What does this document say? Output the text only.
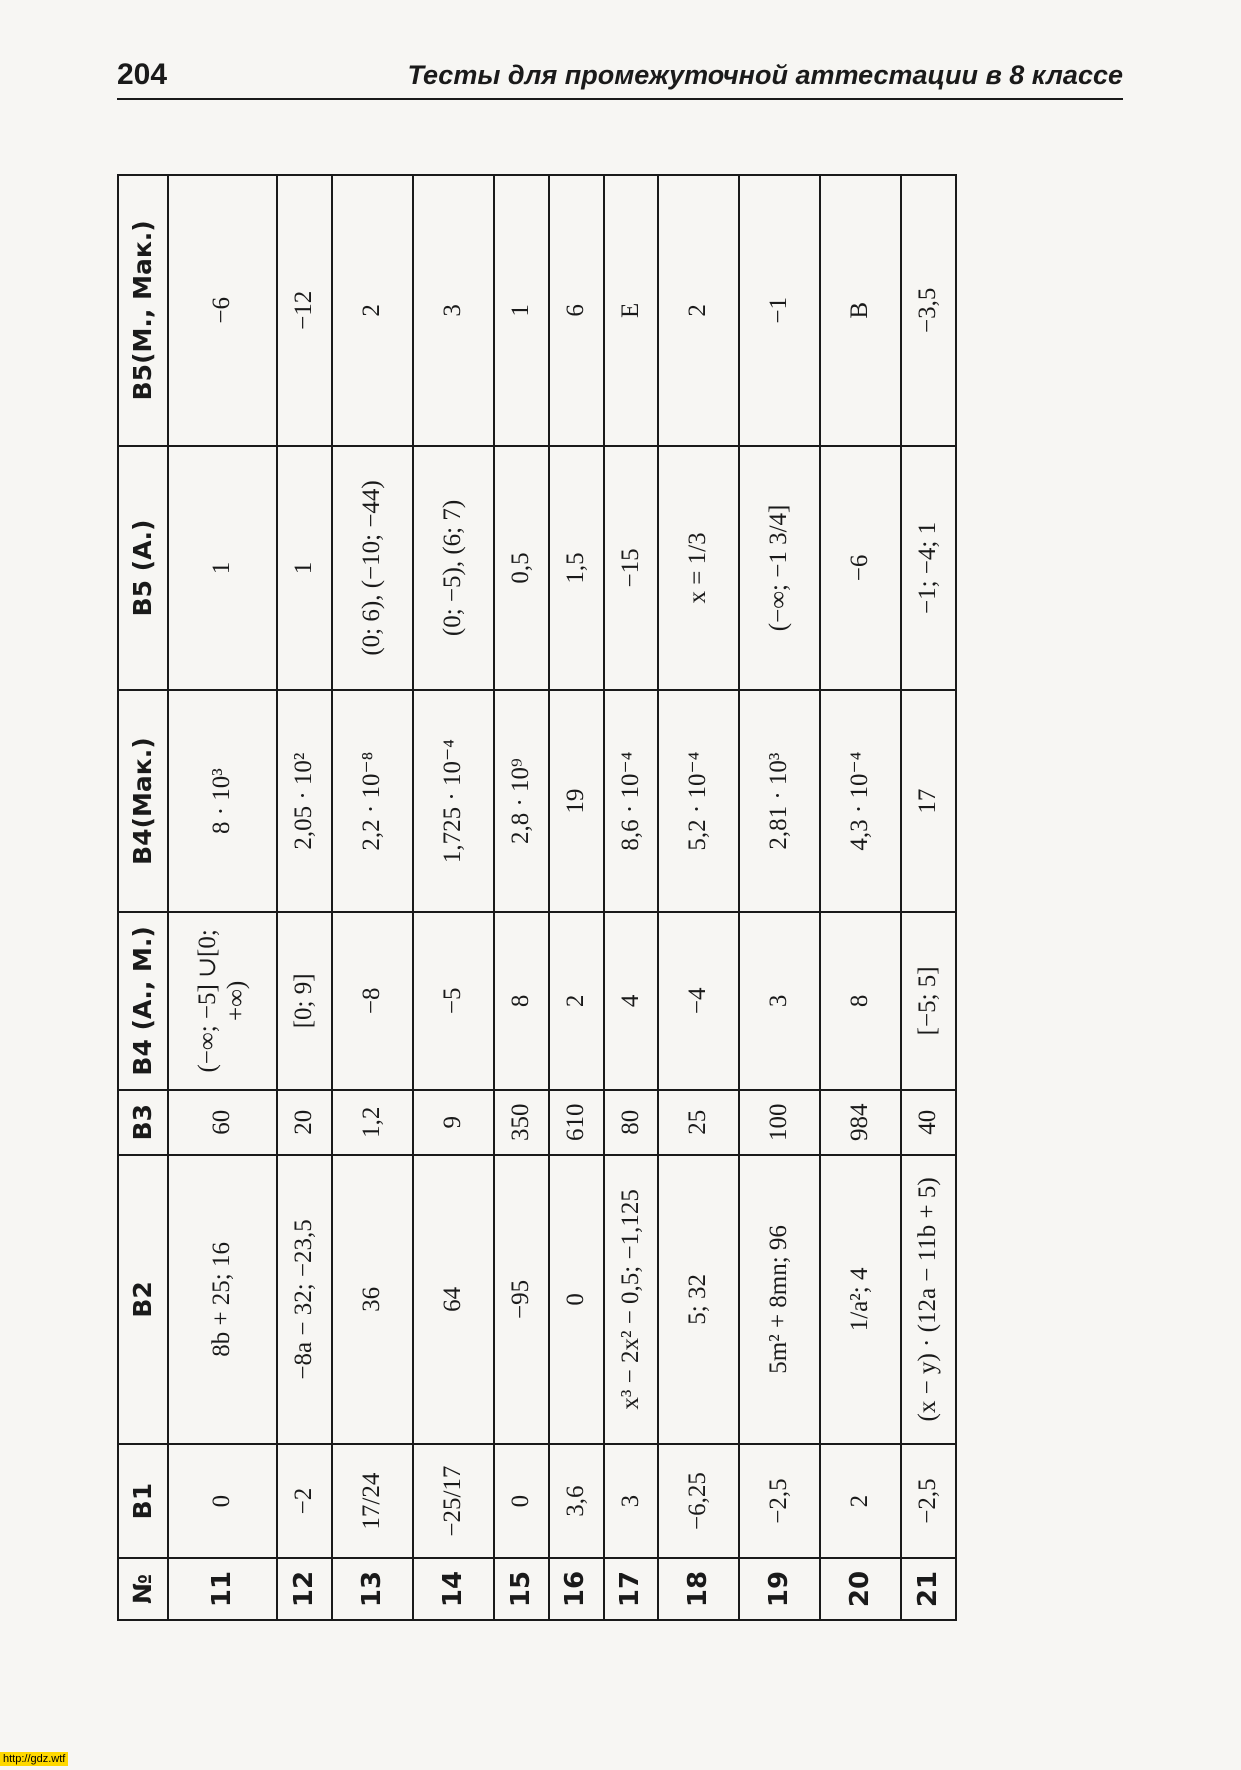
204	Тесты для промежуточной аттестации в 8 классе
№	B1	B2	B3	B4 (А., М.)	B4(Мак.)	B5 (А.)	B5(М., Мак.)
11	0	8b + 25; 16	60	(−∞; −5] ∪[0; +∞)	8 · 10³	1	−6
12	−2	−8a − 32; −23,5	20	[0; 9]	2,05 · 10²	1	−12
13	17/24	36	1,2	−8	2,2 · 10⁻⁸	(0; 6), (−10; −44)	2
14	−25/17	64	9	−5	1,725 · 10⁻⁴	(0; −5), (6; 7)	3
15	0	−95	350	8	2,8 · 10⁹	0,5	1
16	3,6	0	610	2	19	1,5	6
17	3	x³ − 2x² − 0,5; −1,125	80	4	8,6 · 10⁻⁴	−15	E
18	−6,25	5; 32	25	−4	5,2 · 10⁻⁴	x = 1/3	2
19	−2,5	5m² + 8mn; 96	100	3	2,81 · 10³	(−∞; −1 3/4]	−1
20	2	1/a²; 4	984	8	4,3 · 10⁻⁴	−6	B
21	−2,5	(x − y) · (12a − 11b + 5)	40	[−5; 5]	17	−1; −4; 1	−3,5
http://gdz.wtf
